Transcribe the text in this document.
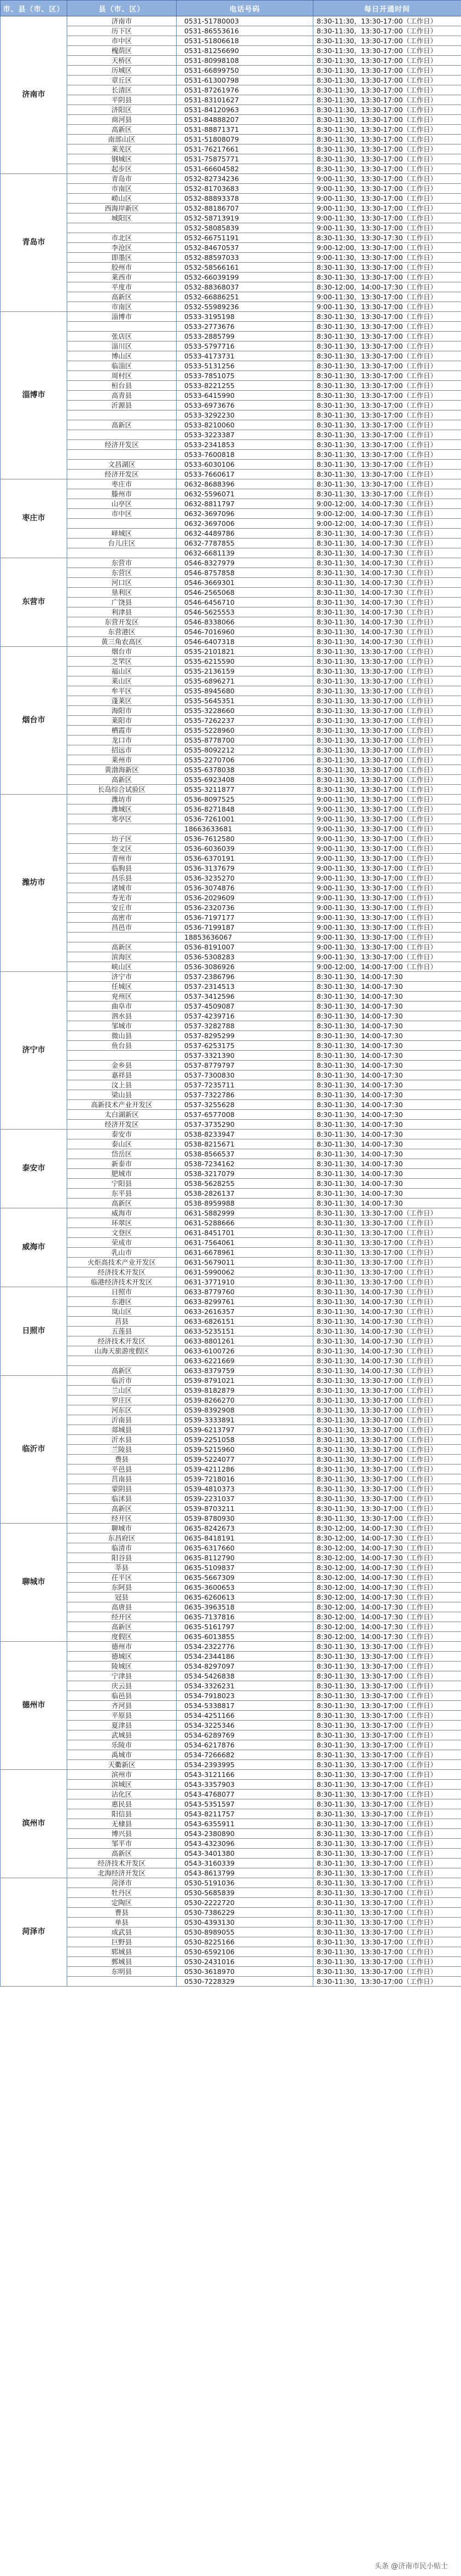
市、县（市、区）	县（市、区）	电话号码	每日开通时间
济南市	济南市	0531-51780003	8:30-11:30，13:30-17:00（工作日）
	历下区	0531-86553616	8:30-11:30，13:30-17:00（工作日）
	市中区	0531-51806618	8:30-11:30，13:30-17:00（工作日）
	槐荫区	0531-81256690	8:30-11:30，13:30-17:00（工作日）
	天桥区	0531-80998108	8:30-11:30，13:30-17:00（工作日）
	历城区	0531-66899750	8:30-11:30，13:30-17:00（工作日）
	章丘区	0531-61300798	8:30-11:30，13:30-17:00（工作日）
	长清区	0531-87261976	8:30-11:30，13:30-17:00（工作日）
	平阴县	0531-83101627	8:30-11:30，13:30-17:00（工作日）
	济阳区	0531-84120963	8:30-11:30，13:30-17:00（工作日）
	商河县	0531-84888207	8:30-11:30，13:30-17:00（工作日）
	高新区	0531-88871371	8:30-11:30，13:30-17:00（工作日）
	南部山区	0531-51808079	8:30-11:30，13:30-17:00（工作日）
	莱芜区	0531-76217661	8:30-11:30，13:30-17:00（工作日）
	钢城区	0531-75875771	8:30-11:30，13:30-17:00（工作日）
	起步区	0531-66604582	8:30-11:30，13:30-17:00（工作日）
青岛市	青岛市	0532-82734236	9:00-11:30，13:30-17:00（工作日）
	市南区	0532-81703683	9:00-11:30，13:30-17:00（工作日）
	崂山区	0532-88893378	9:00-11:30，13:30-17:00（工作日）
	西海岸新区	0532-88186707	9:00-11:30，13:30-17:00（工作日）
	城阳区	0532-58713919	9:00-11:30，13:30-17:00（工作日）
		0532-58085839	9:00-11:30，13:30-17:00（工作日）
	市北区	0532-66751191	8:30-11:30，13:30-17:30（工作日）
	李沧区	0532-84670537	9:00-12:00，13:30-17:00（工作日）
	即墨区	0532-88597033	9:00-11:30，13:30-17:00（工作日）
	胶州市	0532-58566161	8:30-11:30，13:30-17:00（工作日）
	莱西市	0532-66039199	8:30-11:30，13:30-17:00（工作日）
	平度市	0532-88368037	8:30-12:00，14:00-17:30（工作日）
	高新区	0532-66886251	9:00-11:30，13:30-17:00（工作日）
	市南区	0532-55989236	9:00-11:30，13:30-17:00（工作日）
淄博市	淄博市	0533-3195198	8:30-11:30，13:30-17:00（工作日）
		0533-2773676	8:30-11:30，13:30-17:00（工作日）
	张店区	0533-2885799	8:30-11:30，13:30-17:00（工作日）
	淄川区	0533-5797716	8:30-11:30，13:30-17:00（工作日）
	博山区	0533-4173731	8:30-11:30，13:30-17:00（工作日）
	临淄区	0533-5131256	8:30-11:30，13:30-17:00（工作日）
	周村区	0533-7851075	8:30-11:30，13:30-17:00（工作日）
	桓台县	0533-8221255	8:30-11:30，13:30-17:00（工作日）
	高青县	0533-6415990	8:30-11:30，13:30-17:00（工作日）
	沂源县	0533-6973676	8:30-11:30，13:30-17:00（工作日）
		0533-3292230	8:30-11:30，13:30-17:00（工作日）
	高新区	0533-8210060	8:30-11:30，13:30-17:00（工作日）
		0533-3223387	8:30-11:30，13:30-17:00（工作日）
	经济开发区	0533-2341853	8:30-11:30，13:30-17:00（工作日）
		0533-7600818	8:30-11:30，13:30-17:00（工作日）
	文昌湖区	0533-6030106	8:30-11:30，13:30-17:00（工作日）
	经济开发区	0533-7660617	8:30-11:30，13:30-17:00（工作日）
枣庄市	枣庄市	0632-8688396	8:30-11:30，13:30-17:00（工作日）
	滕州市	0632-5596071	8:30-11:30，13:30-17:00（工作日）
	山亭区	0632-8811797	9:00-12:00，14:00-17:30（工作日）
	市中区	0632-3697096	9:00-12:00，14:00-17:30（工作日）
		0632-3697006	9:00-12:00，14:00-17:30（工作日）
	峄城区	0632-4489786	8:30-11:30，14:00-17:30（工作日）
	台儿庄区	0632-7787855	8:30-11:30，14:00-17:30（工作日）
		0632-6681139	8:30-11:30，14:00-17:30（工作日）
东营市	东营市	0546-8327979	8:30-11:30，14:00-17:30（工作日）
	东营区	0546-8757858	8:30-11:30，14:00-17:30（工作日）
	河口区	0546-3669301	8:30-11:30，14:00-17:30（工作日）
	垦利区	0546-2565068	8:30-11:30，14:00-17:30（工作日）
	广饶县	0546-6456710	8:30-11:30，14:00-17:30（工作日）
	利津县	0546-5625553	8:30-11:30，14:00-17:30（工作日）
	东营开发区	0546-8338066	8:30-11:30，14:00-17:30（工作日）
	东营港区	0546-7016960	8:30-11:30，14:00-17:30（工作日）
	黄三角农高区	0546-6407318	8:30-11:30，14:00-17:30（工作日）
烟台市	烟台市	0535-2101821	8:30-11:30，13:30-17:00（工作日）
	芝罘区	0535-6215590	8:30-11:30，13:30-17:00（工作日）
	福山区	0535-2136159	8:30-11:30，13:30-17:00（工作日）
	莱山区	0535-6896271	8:30-11:30，13:30-17:00（工作日）
	牟平区	0535-8945680	8:30-11:30，13:30-17:00（工作日）
	蓬莱区	0535-5645351	8:30-11:30，13:30-17:00（工作日）
	海阳市	0535-3228660	8:30-11:30，13:30-17:00（工作日）
	莱阳市	0535-7262237	8:30-11:30，13:30-17:00（工作日）
	栖霞市	0535-5228960	8:30-11:30，13:30-17:00（工作日）
	龙口市	0535-8778700	8:30-11:30，13:30-17:00（工作日）
	招远市	0535-8092212	8:30-11:30，13:30-17:00（工作日）
	莱州市	0535-2270706	8:30-11:30，13:30-17:00（工作日）
	黄渤海新区	0535-6378038	8:30-11:30，13:30-17:00（工作日）
	高新区	0535-6923408	8:30-11:30，13:30-17:00（工作日）
	长岛综合试验区	0535-3211877	8:30-11:30，13:30-17:00（工作日）
潍坊市	潍坊市	0536-8097525	9:00-11:30，13:30-17:00（工作日）
	潍城区	0536-8271848	9:00-11:30，13:30-17:00（工作日）
	寒亭区	0536-7261001	9:00-11:30，13:30-17:00（工作日）
		18663633681	9:00-11:30，13:30-17:00（工作日）
	坊子区	0536-7612580	9:00-11:30，13:30-17:00（工作日）
	奎文区	0536-6036039	9:00-11:30，13:30-17:00（工作日）
	青州市	0536-6370191	9:00-11:30，13:30-17:00（工作日）
	临朐县	0536-3137679	9:00-11:30，13:30-17:00（工作日）
	昌乐县	0536-3235270	9:00-11:30，13:30-17:00（工作日）
	诸城市	0536-3074876	9:00-11:30，13:30-17:00（工作日）
	寿光市	0536-2029609	9:00-11:30，13:30-17:00（工作日）
	安丘市	0536-2320736	9:00-11:30，13:30-17:00（工作日）
	高密市	0536-7197177	9:00-11:30，13:30-17:00（工作日）
	昌邑市	0536-7199187	9:00-11:30，13:30-17:00（工作日）
		18853636067	9:00-11:30，13:30-17:00（工作日）
	高新区	0536-8191007	9:00-11:30，13:30-17:00（工作日）
	滨海区	0536-5308283	9:00-11:30，13:30-17:00（工作日）
	峡山区	0536-3086926	9:00-12:00，14:00-17:00（工作日）
济宁市	济宁市	0537-2386796	8:30-11:30，14:00-17:30
	任城区	0537-2314513	8:30-11:30，14:00-17:30
	兖州区	0537-3412596	8:30-11:30，14:00-17:30
	曲阜市	0537-4509087	8:30-11:30，14:00-17:30
	泗水县	0537-4239716	8:30-11:30，14:00-17:30
	邹城市	0537-3282788	8:30-11:30，14:00-17:30
	微山县	0537-8295299	8:30-11:30，14:00-17:30
	鱼台县	0537-6253175	8:30-11:30，14:00-17:30
		0537-3321390	8:30-11:30，14:00-17:30
	金乡县	0537-8779797	8:30-11:30，14:00-17:30
	嘉祥县	0537-7300830	8:30-11:30，14:00-17:30
	汶上县	0537-7235711	8:30-11:30，14:00-17:30
	梁山县	0537-7322786	8:30-11:30，14:00-17:30
	高新技术产业开发区	0537-3255628	8:30-11:30，14:00-17:30
	太白湖新区	0537-6577008	8:30-11:30，14:00-17:30
	经济开发区	0537-3735290	8:30-11:30，14:00-17:30
泰安市	泰安市	0538-8233947	8:30-11:30，14:00-17:30
	泰山区	0538-8215671	8:30-11:30，14:00-17:30
	岱岳区	0538-8566537	8:30-11:30，14:00-17:30
	新泰市	0538-7234162	8:30-11:30，14:00-17:30
	肥城市	0538-3217079	8:30-11:30，14:00-17:30
	宁阳县	0538-5628255	8:30-11:30，14:00-17:30
	东平县	0538-2826137	8:30-11:30，14:00-17:30
	高新区	0538-8959988	8:30-11:30，14:00-17:30
威海市	威海市	0631-5882999	8:30-11:30，13:30-17:00（工作日）
	环翠区	0631-5288666	8:30-11:30，13:30-17:00（工作日）
	文登区	0631-8451701	8:30-11:30，13:30-17:00（工作日）
	荣成市	0631-7564061	8:30-11:30，13:30-17:00（工作日）
	乳山市	0631-6678961	8:30-11:30，13:30-17:00（工作日）
	火炬高技术产业开发区	0631-5679011	8:30-11:30，13:30-17:00（工作日）
	经济技术开发区	0631-5990062	8:30-11:30，13:30-17:00（工作日）
	临港经济技术开发区	0631-3771910	8:30-11:30，13:30-17:00（工作日）
日照市	日照市	0633-8779760	8:30-11:30，14:00-17:30（工作日）
	东港区	0633-8299761	8:30-11:30，14:00-17:30（工作日）
	岚山区	0633-2616357	8:30-11:30，14:00-17:30（工作日）
	莒县	0633-6826151	8:30-11:30，14:00-17:30（工作日）
	五莲县	0633-5235151	8:30-11:30，14:00-17:30（工作日）
	经济技术开发区	0633-8801261	8:30-11:30，14:00-17:30（工作日）
	山海天旅游度假区	0633-6100726	8:30-11:30，14:00-17:30（工作日）
		0633-6221669	8:30-11:30，14:00-17:30（工作日）
	高新区	0633-8379759	8:30-11:30，14:00-17:30（工作日）
临沂市	临沂市	0539-8791021	8:30-11:30，13:30-17:00（工作日）
	兰山区	0539-8182879	8:30-11:30，13:30-17:00（工作日）
	罗庄区	0539-8266270	8:30-11:30，13:30-17:00（工作日）
	河东区	0539-8392908	8:30-11:30，13:30-17:00（工作日）
	沂南县	0539-3333891	8:30-11:30，13:30-17:00（工作日）
	郯城县	0539-6213797	8:30-11:30，13:30-17:00（工作日）
	沂水县	0539-2251058	8:30-11:30，13:30-17:00（工作日）
	兰陵县	0539-5215960	8:30-11:30，13:30-17:00（工作日）
	费县	0539-5224077	8:30-11:30，13:30-17:00（工作日）
	平邑县	0539-4211286	8:30-11:30，13:30-17:00（工作日）
	莒南县	0539-7218016	8:30-11:30，13:30-17:00（工作日）
	蒙阴县	0539-4810373	8:30-11:30，13:30-17:00（工作日）
	临沭县	0539-2231037	8:30-11:30，13:30-17:00（工作日）
	高新区	0539-8703211	8:30-11:30，13:30-17:00（工作日）
	经开区	0539-8780930	8:30-11:30，13:30-17:00（工作日）
聊城市	聊城市	0635-8242673	8:30-12:00，14:00-17:30（工作日）
	东昌府区	0635-8418191	8:30-12:00，14:00-17:30（工作日）
	临清市	0635-6317660	8:30-12:00，14:00-17:30（工作日）
	阳谷县	0635-8112790	8:30-12:00，14:00-17:30（工作日）
	莘县	0635-5109837	8:30-12:00，14:00-17:30（工作日）
	茌平区	0635-5667309	8:30-12:00，14:00-17:30（工作日）
	东阿县	0635-3600653	8:30-12:00，14:00-17:30（工作日）
	冠县	0635-6260613	8:30-12:00，14:00-17:30（工作日）
	高唐县	0635-3963518	8:30-12:00，14:00-17:30（工作日）
	经开区	0635-7137816	8:30-12:00，14:00-17:30（工作日）
	高新区	0635-5161797	8:30-12:00，14:00-17:30（工作日）
	度假区	0635-6013855	8:30-12:00，14:00-17:30（工作日）
德州市	德州市	0534-2322776	8:30-11:30，13:30-17:00（工作日）
	德城区	0534-2344186	8:30-11:30，13:30-17:00（工作日）
	陵城区	0534-8297097	8:30-11:30，13:30-17:00（工作日）
	宁津县	0534-5426838	8:30-11:30，13:30-17:00（工作日）
	庆云县	0534-3326231	8:30-11:30，13:30-17:00（工作日）
	临邑县	0534-7918023	8:30-11:30，13:30-17:00（工作日）
	齐河县	0534-5338817	8:30-11:30，13:30-17:00（工作日）
	平原县	0534-4251166	8:30-11:30，13:30-17:00（工作日）
	夏津县	0534-3225346	8:30-11:30，13:30-17:00（工作日）
	武城县	0534-6289769	8:30-11:30，13:30-17:00（工作日）
	乐陵市	0534-6217876	8:30-11:30，13:30-17:00（工作日）
	禹城市	0534-7266682	8:30-11:30，13:30-17:00（工作日）
	天衢新区	0534-2393995	8:30-11:30，13:30-17:00（工作日）
滨州市	滨州市	0543-3121166	8:30-11:30，13:30-17:00（工作日）
	滨城区	0543-3357903	8:30-11:30，13:30-17:00（工作日）
	沾化区	0543-4768077	8:30-11:30，13:30-17:00（工作日）
	惠民县	0543-5351597	8:30-11:30，13:30-17:00（工作日）
	阳信县	0543-8211757	8:30-11:30，13:30-17:00（工作日）
	无棣县	0543-6355911	8:30-11:30，13:30-17:00（工作日）
	博兴县	0543-2380890	8:30-11:30，13:30-17:00（工作日）
	邹平市	0543-4323096	8:30-11:30，13:30-17:00（工作日）
	高新区	0543-3401380	8:30-11:30，13:30-17:00（工作日）
	经济技术开发区	0543-3160339	8:30-11:30，13:30-17:00（工作日）
	北海经济开发区	0543-8613799	8:30-11:30，13:30-17:00（工作日）
菏泽市	菏泽市	0530-5191036	8:30-11:30，13:30-17:00（工作日）
	牡丹区	0530-5685839	8:30-11:30，13:30-17:00（工作日）
	定陶区	0530-2222720	8:30-11:30，13:30-17:00（工作日）
	曹县	0530-7386229	8:30-11:30，13:30-17:00（工作日）
	单县	0530-4393130	8:30-11:30，13:30-17:00（工作日）
	成武县	0530-8989055	8:30-11:30，13:30-17:00（工作日）
	巨野县	0530-8225166	8:30-11:30，13:30-17:00（工作日）
	郓城县	0530-6592106	8:30-11:30，13:30-17:00（工作日）
	鄄城县	0530-2431016	8:30-11:30，13:30-17:00（工作日）
	东明县	0530-3618970	8:30-11:30，13:30-17:00（工作日）
		0530-7228329	8:30-11:30，13:30-17:00（工作日）
头条 @济南市民小贴士
